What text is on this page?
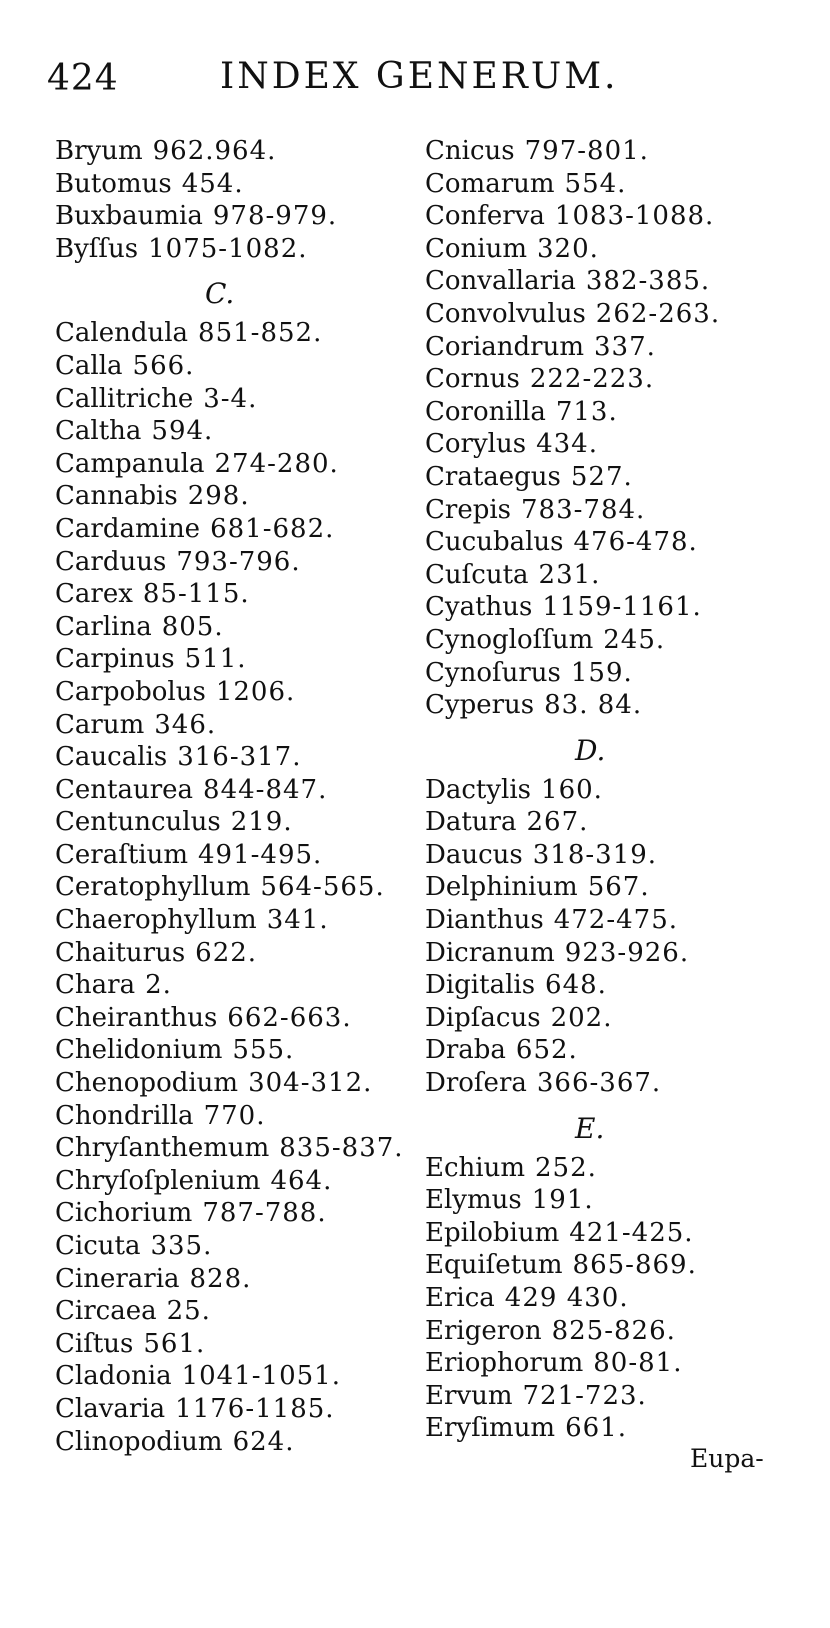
424	INDEX GENERUM.
Bryum 962.964.
Butomus 454.
Buxbaumia 978-979.
Byſſus 1075-1082.
C.
Calendula 851-852.
Calla 566.
Callitriche 3-4.
Caltha 594.
Campanula 274-280.
Cannabis 298.
Cardamine 681-682.
Carduus 793-796.
Carex 85-115.
Carlina 805.
Carpinus 511.
Carpobolus 1206.
Carum 346.
Caucalis 316-317.
Centaurea 844-847.
Centunculus 219.
Ceraſtium 491-495.
Ceratophyllum 564-565.
Chaerophyllum 341.
Chaiturus 622.
Chara 2.
Cheiranthus 662-663.
Chelidonium 555.
Chenopodium 304-312.
Chondrilla 770.
Chryſanthemum 835-837.
Chryſoſplenium 464.
Cichorium 787-788.
Cicuta 335.
Cineraria 828.
Circaea 25.
Ciſtus 561.
Cladonia 1041-1051.
Clavaria 1176-1185.
Clinopodium 624.
Cnicus 797-801.
Comarum 554.
Conferva 1083-1088.
Conium 320.
Convallaria 382-385.
Convolvulus 262-263.
Coriandrum 337.
Cornus 222-223.
Coronilla 713.
Corylus 434.
Crataegus 527.
Crepis 783-784.
Cucubalus 476-478.
Cuſcuta 231.
Cyathus 1159-1161.
Cynogloſſum 245.
Cynoſurus 159.
Cyperus 83. 84.
D.
Dactylis 160.
Datura 267.
Daucus 318-319.
Delphinium 567.
Dianthus 472-475.
Dicranum 923-926.
Digitalis 648.
Dipſacus 202.
Draba 652.
Droſera 366-367.
E.
Echium 252.
Elymus 191.
Epilobium 421-425.
Equiſetum 865-869.
Erica 429 430.
Erigeron 825-826.
Eriophorum 80-81.
Ervum 721-723.
Eryſimum 661.
Eupa-
